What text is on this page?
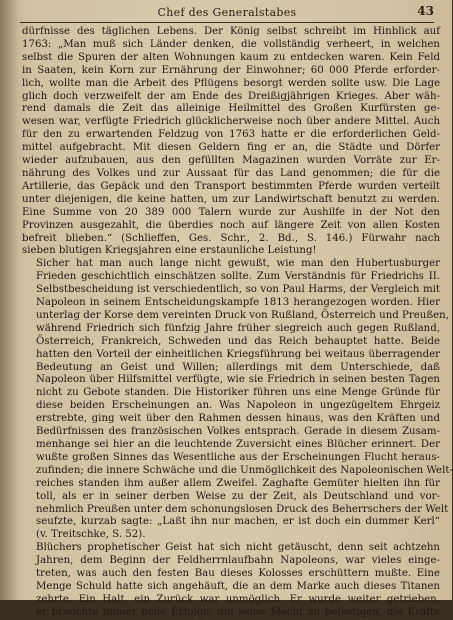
Chef des Generalstabes	43

dürfnisse des täglichen Lebens. Der König selbst schreibt im Hinblick auf
1763: „Man muß sich Länder denken, die vollständig verheert, in welchen
selbst die Spuren der alten Wohnungen kaum zu entdecken waren. Kein Feld
in Saaten, kein Korn zur Ernährung der Einwohner; 60 000 Pferde erforder-
lich, wollte man die Arbeit des Pflügens besorgt werden sollte usw. Die Lage
glich doch verzweifelt der am Ende des Dreißigjährigen Krieges. Aber wäh-
rend damals die Zeit das alleinige Heilmittel des Großen Kurfürsten ge-
wesen war, verfügte Friedrich glücklicherweise noch über andere Mittel. Auch
für den zu erwartenden Feldzug von 1763 hatte er die erforderlichen Geld-
mittel aufgebracht. Mit diesen Geldern fing er an, die Städte und Dörfer
wieder aufzubauen, aus den gefüllten Magazinen wurden Vorräte zur Er-
nährung des Volkes und zur Aussaat für das Land genommen; die für die
Artillerie, das Gepäck und den Transport bestimmten Pferde wurden verteilt
unter diejenigen, die keine hatten, um zur Landwirtschaft benutzt zu werden.
Eine Summe von 20 389 000 Talern wurde zur Aushilfe in der Not den
Provinzen ausgezahlt, die überdies noch auf längere Zeit von allen Kosten
befreit blieben.“ (Schlieffen, Ges. Schr., 2. Bd., S. 146.) Fürwahr nach
sieben blutigen Kriegsjahren eine erstaunliche Leistung!

Sicher hat man auch lange nicht gewußt, wie man den Hubertusburger
Frieden geschichtlich einschätzen sollte. Zum Verständnis für Friedrichs II.
Selbstbescheidung ist verschiedentlich, so von Paul Harms, der Vergleich mit
Napoleon in seinem Entscheidungskampfe 1813 herangezogen worden. Hier
unterlag der Korse dem vereinten Druck von Rußland, Österreich und Preußen,
während Friedrich sich fünfzig Jahre früher siegreich auch gegen Rußland,
Österreich, Frankreich, Schweden und das Reich behauptet hatte. Beide
hatten den Vorteil der einheitlichen Kriegsführung bei weitaus überragender
Bedeutung an Geist und Willen; allerdings mit dem Unterschiede, daß
Napoleon über Hilfsmittel verfügte, wie sie Friedrich in seinen besten Tagen
nicht zu Gebote standen. Die Historiker führen uns eine Menge Gründe für
diese beiden Erscheinungen an. Was Napoleon in ungezügeltem Ehrgeiz
erstrebte, ging weit über den Rahmen dessen hinaus, was den Kräften und
Bedürfnissen des französischen Volkes entsprach. Gerade in diesem Zusam-
menhange sei hier an die leuchtende Zuversicht eines Blücher erinnert. Der
wußte großen Sinnes das Wesentliche aus der Erscheinungen Flucht heraus-
zufinden; die innere Schwäche und die Unmöglichkeit des Napoleonischen Welt-
reiches standen ihm außer allem Zweifel. Zaghafte Gemüter hielten ihn für
toll, als er in seiner derben Weise zu der Zeit, als Deutschland und vor-
nehmlich Preußen unter dem schonungslosen Druck des Beherrschers der Welt
seufzte, kurzab sagte: „Laßt ihn nur machen, er ist doch ein dummer Kerl“
(v. Treitschke, S. 52).

Blüchers prophetischer Geist hat sich nicht getäuscht, denn seit achtzehn
Jahren, dem Beginn der Feldherrnlaufbahn Napoleons, war vieles einge-
treten, was auch den festen Bau dieses Kolosses erschüttern mußte. Eine
Menge Schuld hatte sich angehäuft, die an dem Marke auch dieses Titanen
zehrte. Ein Halt, ein Zurück war unmöglich. Er wurde weiter getrieben,
er brauchte immer neue Erfolge, um seine Macht zu befestigen, die Kräfte
